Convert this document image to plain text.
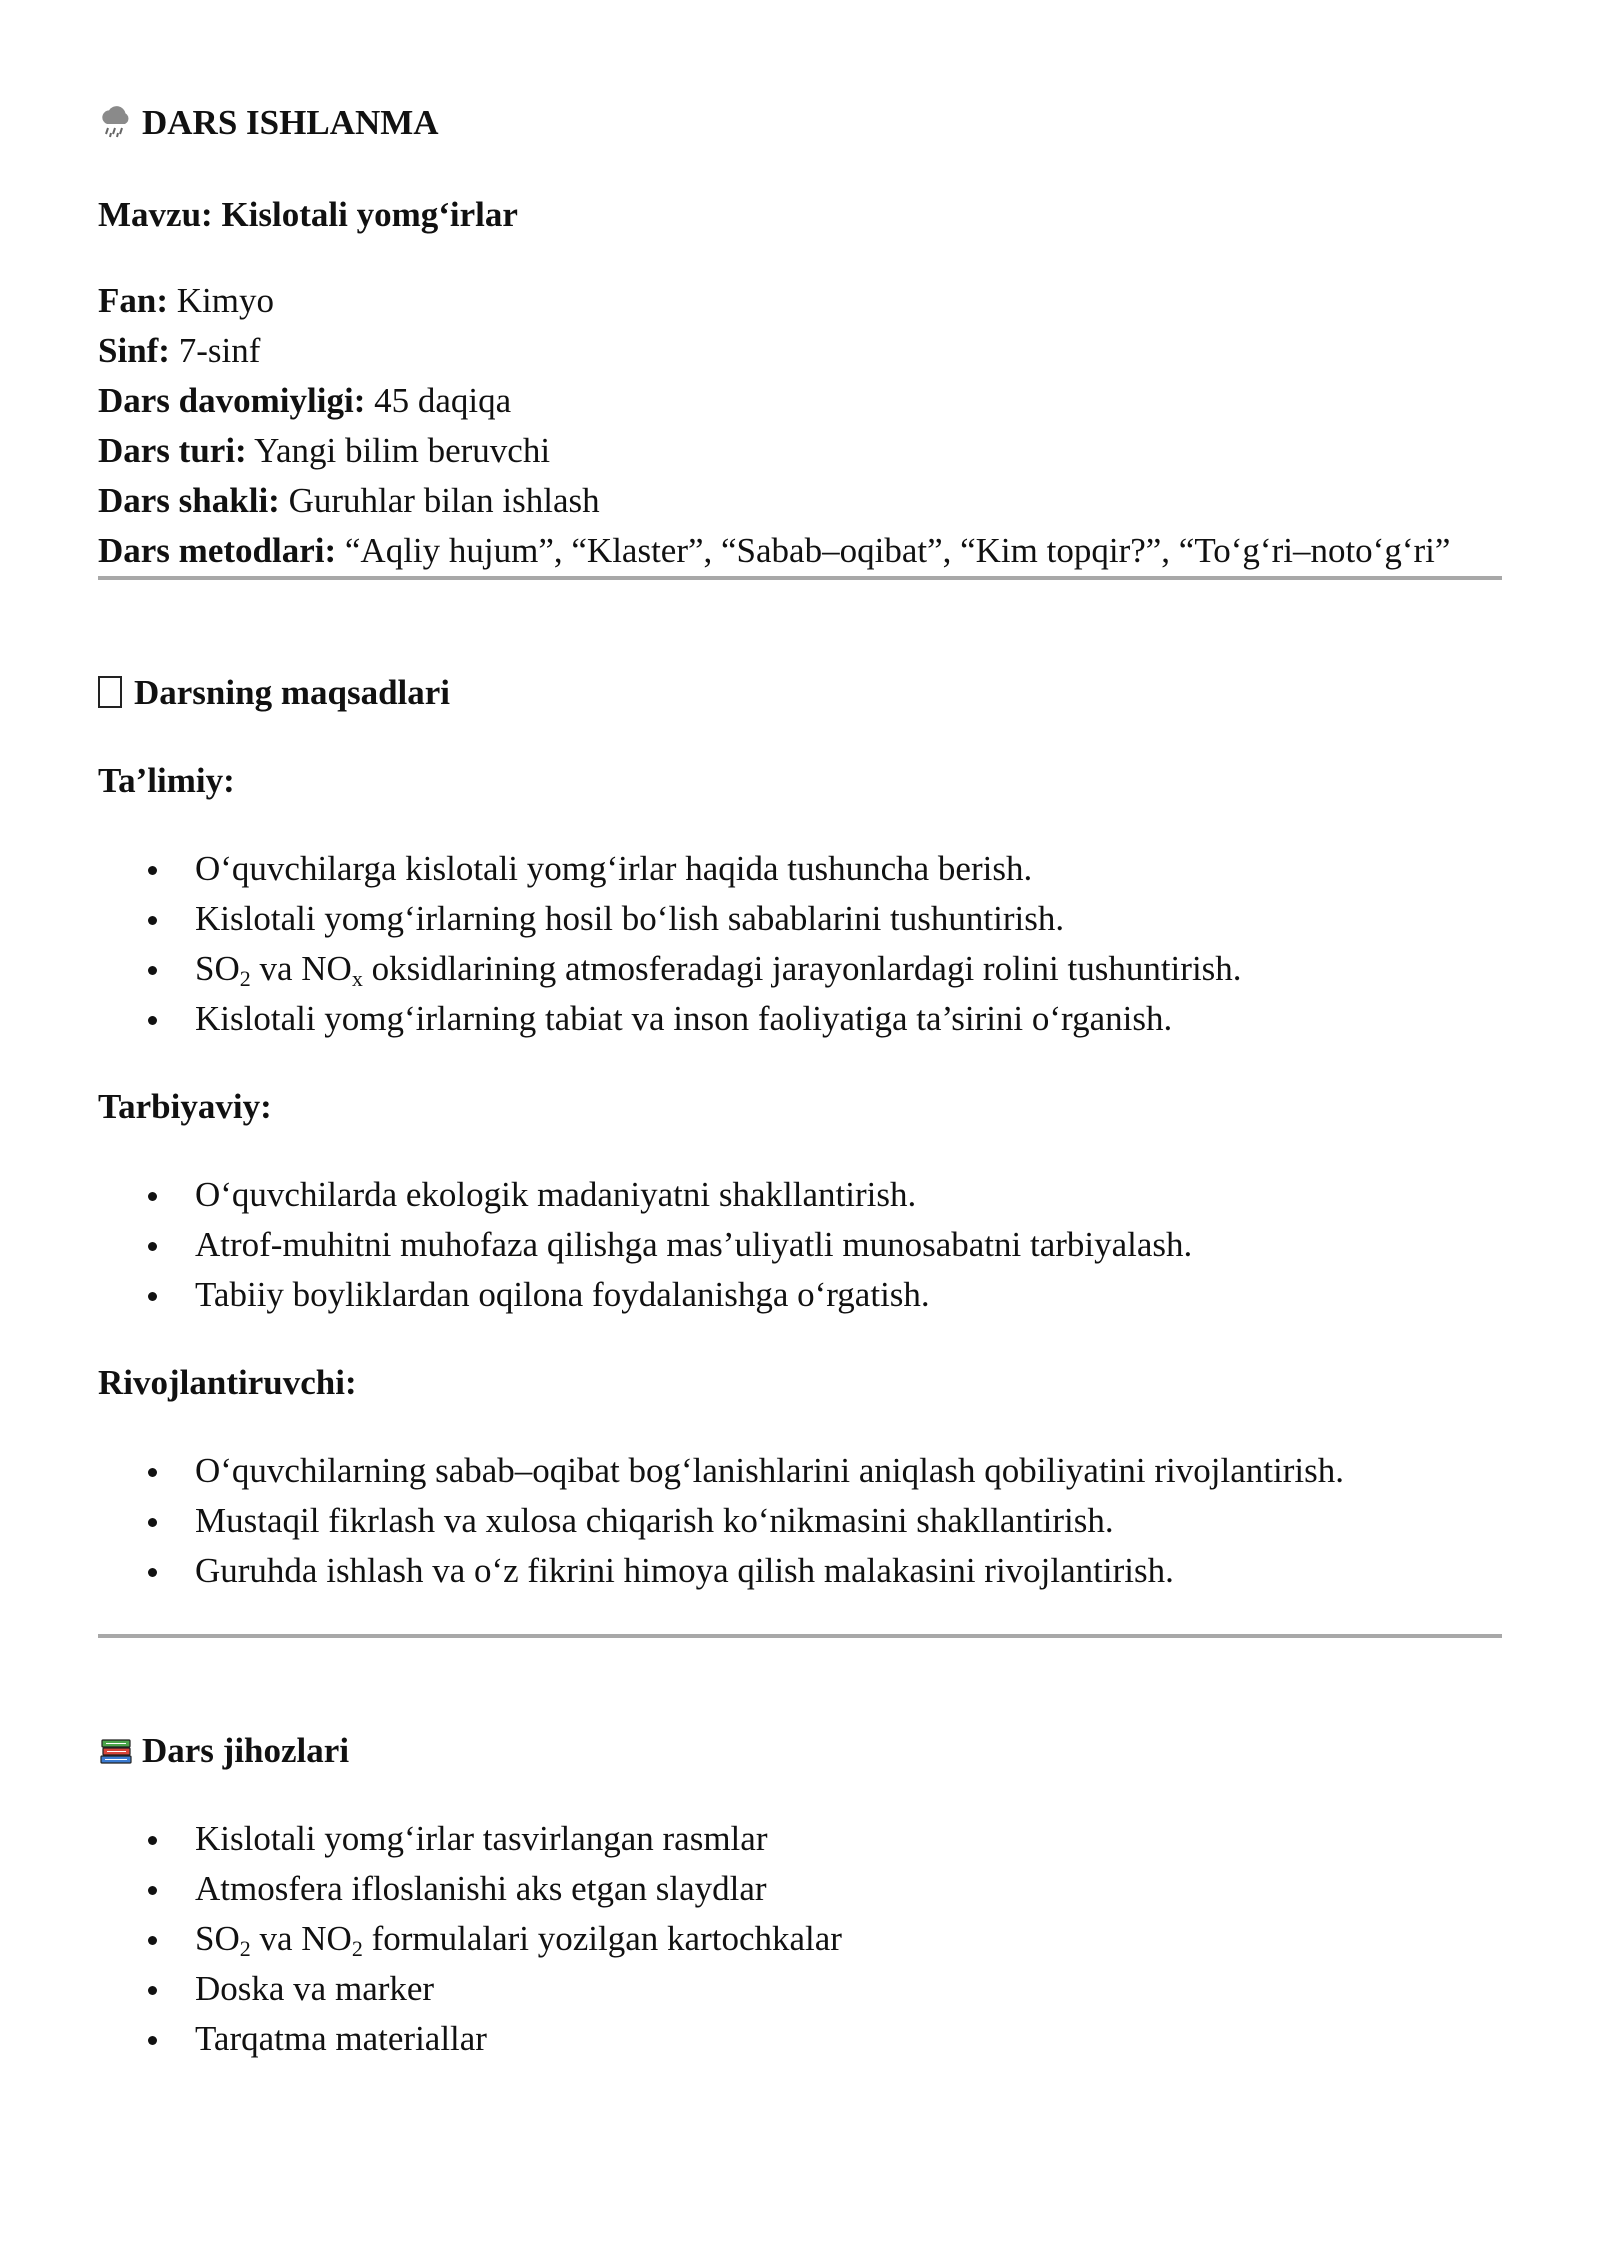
DARS ISHLANMA
Mavzu: Kislotali yomg‘irlar

Fan: Kimyo

Sinf: 7-sinf

Dars davomiyligi: 45 daqiqa

Dars turi: Yangi bilim beruvchi

Dars shakli: Guruhlar bilan ishlash

Dars metodlari: “Aqliy hujum”, “Klaster”, “Sabab–oqibat”, “Kim topqir?”, “To‘g‘ri–noto‘g‘ri”

Darsning maqsadlari
Ta’limiy:
O‘quvchilarga kislotali yomg‘irlar haqida tushuncha berish.
Kislotali yomg‘irlarning hosil bo‘lish sabablarini tushuntirish.
$SO_2$ va $NO_x$ oksidlarining atmosferadagi jarayonlardagi rolini tushuntirish.
Kislotali yomg‘irlarning tabiat va inson faoliyatiga ta’sirini o‘rganish.
Tarbiyaviy:
O‘quvchilarda ekologik madaniyatni shakllantirish.
Atrof-muhitni muhofaza qilishga mas’uliyatli munosabatni tarbiyalash.
Tabiiy boyliklardan oqilona foydalanishga o‘rgatish.
Rivojlantiruvchi:
O‘quvchilarning sabab–oqibat bog‘lanishlarini aniqlash qobiliyatini rivojlantirish.
Mustaqil fikrlash va xulosa chiqarish ko‘nikmasini shakllantirish.
Guruhda ishlash va o‘z fikrini himoya qilish malakasini rivojlantirish.
Dars jihozlari
Kislotali yomg‘irlar tasvirlangan rasmlar
Atmosfera ifloslanishi aks etgan slaydlar
$SO_2$ va $NO_2$ formulalari yozilgan kartochkalar
Doska va marker
Tarqatma materiallar
